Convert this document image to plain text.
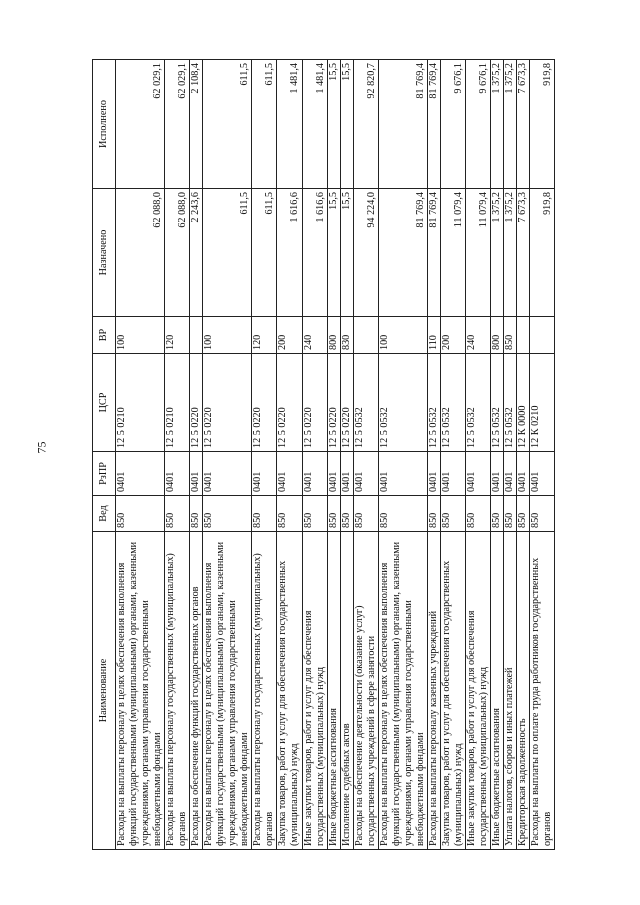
75
Наименование	Вед	РзПР	ЦСР	ВР	Назначено	Исполнено
Расходы на выплаты персоналу в целях обеспечения выполнения функций государственными (муниципальными) органами, казенными учреждениями, органами управления государственными внебюджетными фондами	850	0401	12 5 0210	100	62 088,0	62 029,1
Расходы на выплаты персоналу государственных (муниципальных) органов	850	0401	12 5 0210	120	62 088,0	62 029,1
Расходы на обеспечение функций государственных органов	850	0401	12 5 0220		2 243,6	2 108,4
Расходы на выплаты персоналу в целях обеспечения выполнения функций государственными (муниципальными) органами, казенными учреждениями, органами управления государственными внебюджетными фондами	850	0401	12 5 0220	100	611,5	611,5
Расходы на выплаты персоналу государственных (муниципальных) органов	850	0401	12 5 0220	120	611,5	611,5
Закупка товаров, работ и услуг для обеспечения государственных (муниципальных) нужд	850	0401	12 5 0220	200	1 616,6	1 481,4
Иные закупки товаров, работ и услуг для обеспечения государственных (муниципальных) нужд	850	0401	12 5 0220	240	1 616,6	1 481,4
Иные бюджетные ассигнования	850	0401	12 5 0220	800	15,5	15,5
Исполнение судебных актов	850	0401	12 5 0220	830	15,5	15,5
Расходы на обеспечение деятельности (оказание услуг) государственных учреждений в сфере занятости	850	0401	12 5 0532		94 224,0	92 820,7
Расходы на выплаты персоналу в целях обеспечения выполнения функций государственными (муниципальными) органами, казенными учреждениями, органами управления государственными внебюджетными фондами	850	0401	12 5 0532	100	81 769,4	81 769,4
Расходы на выплаты персоналу казенных учреждений	850	0401	12 5 0532	110	81 769,4	81 769,4
Закупка товаров, работ и услуг для обеспечения государственных (муниципальных) нужд	850	0401	12 5 0532	200	11 079,4	9 676,1
Иные закупки товаров, работ и услуг для обеспечения государственных (муниципальных) нужд	850	0401	12 5 0532	240	11 079,4	9 676,1
Иные бюджетные ассигнования	850	0401	12 5 0532	800	1 375,2	1 375,2
Уплата налогов, сборов и иных платежей	850	0401	12 5 0532	850	1 375,2	1 375,2
Кредиторская задолженность	850	0401	12 К 0000		7 673,3	7 673,3
Расходы на выплаты по оплате труда работников государственных органов	850	0401	12 К 0210		919,8	919,8
